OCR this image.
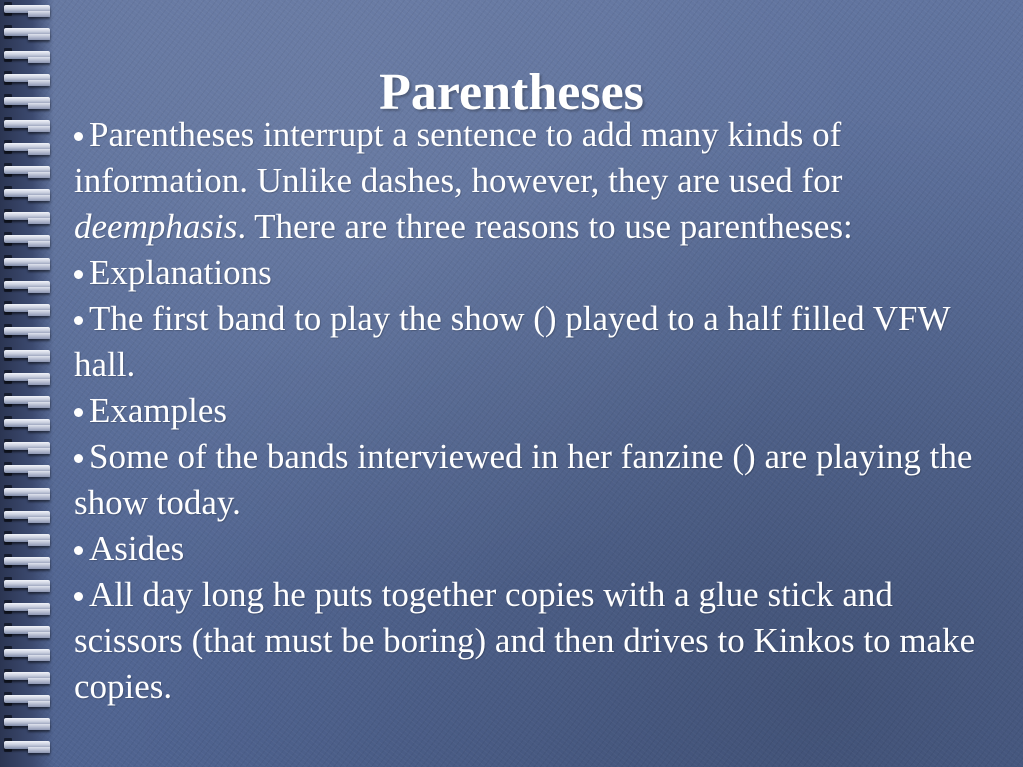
Parentheses

Parentheses interrupt a sentence to add many kinds of information. Unlike dashes, however, they are used for deemphasis. There are three reasons to use parentheses:

Explanations

The first band to play the show () played to a half filled VFW hall.

Examples

Some of the bands interviewed in her fanzine () are playing the show today.

Asides

All day long he puts together copies with a glue stick and scissors (that must be boring) and then drives to Kinkos to make copies.
